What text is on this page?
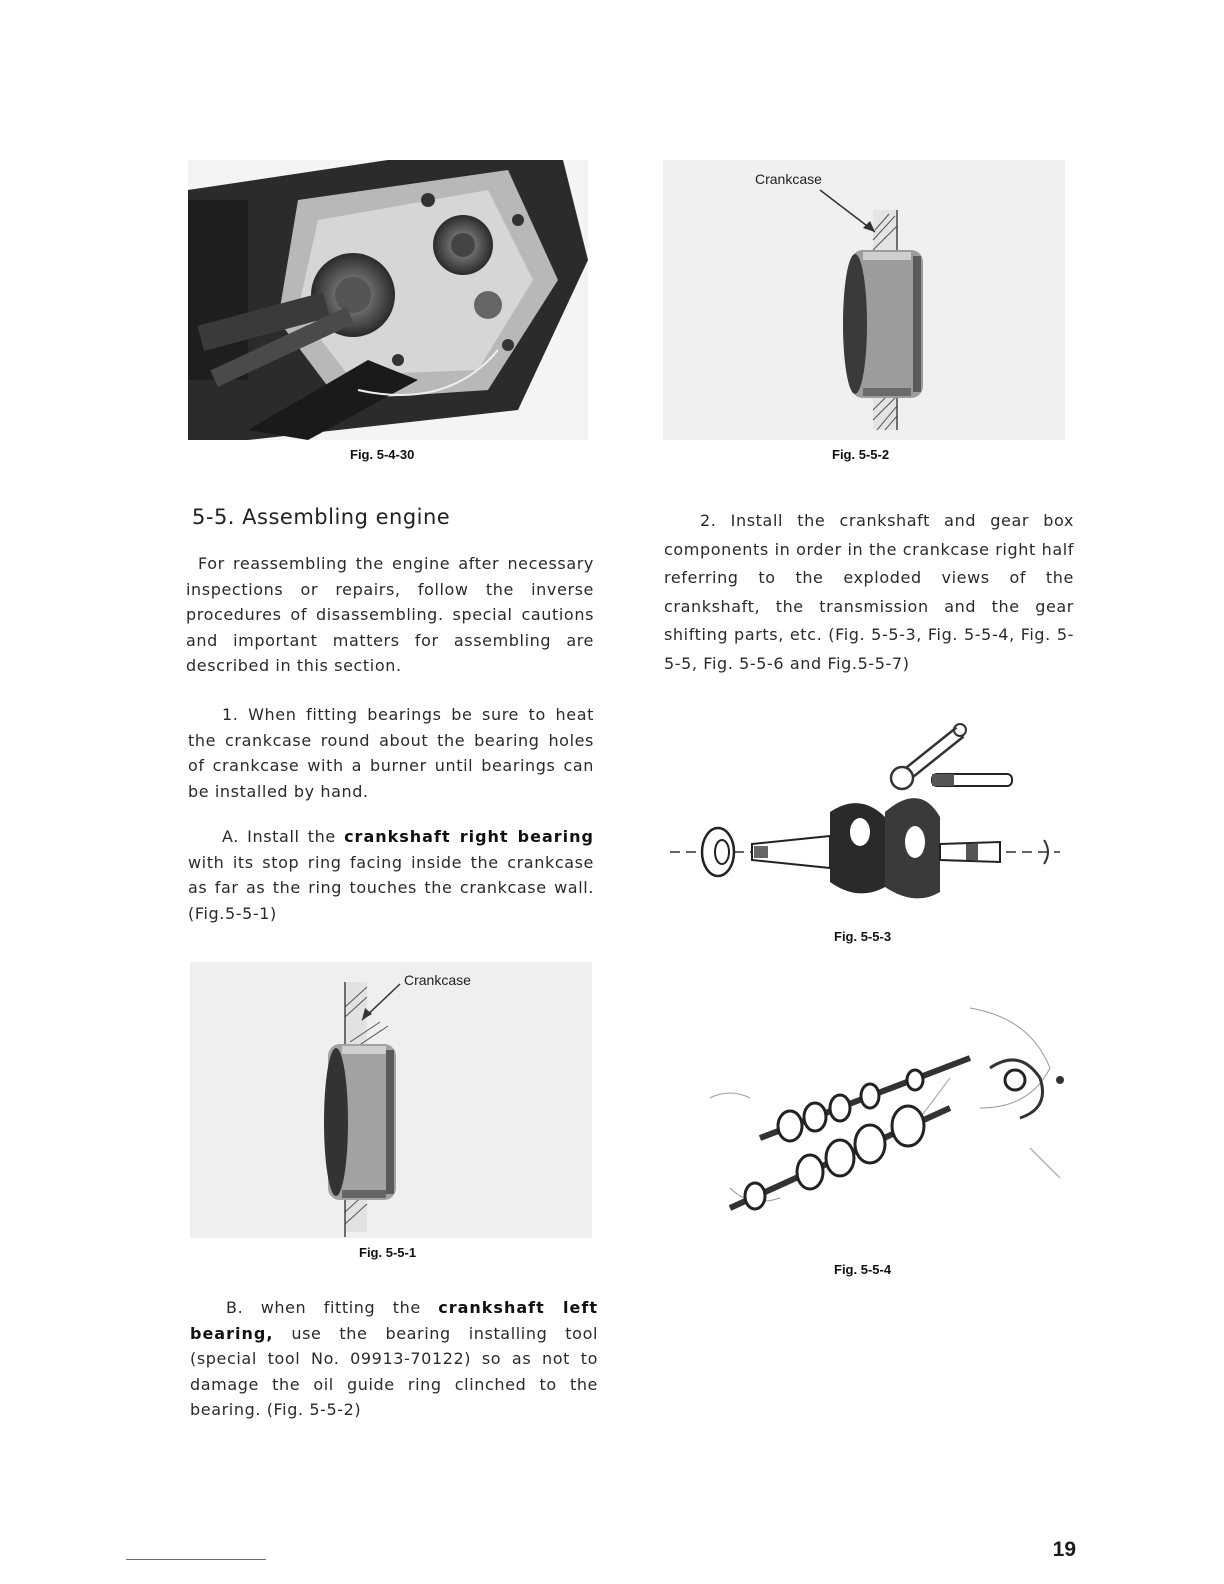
Fig. 5-4-30
Crankcase
Fig. 5-5-2
5-5. Assembling engine
For reassembling the engine after necessary inspections or repairs, follow the inverse procedures of disassembling. special cautions and important matters for assembling are described in this section.
1. When fitting bearings be sure to heat the crankcase round about the bearing holes of crankcase with a burner until bearings can be installed by hand.
A. Install the crankshaft right bearing with its stop ring facing inside the crankcase as far as the ring touches the crankcase wall. (Fig.5-5-1)
Crankcase
Fig. 5-5-1
B. when fitting the crankshaft left bearing, use the bearing installing tool (special tool No. 09913-70122) so as not to damage the oil guide ring clinched to the bearing. (Fig. 5-5-2)
2. Install the crankshaft and gear box components in order in the crankcase right half referring to the exploded views of the crankshaft, the transmission and the gear shifting parts, etc. (Fig. 5-5-3, Fig. 5-5-4, Fig. 5-5-5, Fig. 5-5-6 and Fig.5-5-7)
Fig. 5-5-3
Fig. 5-5-4
19
